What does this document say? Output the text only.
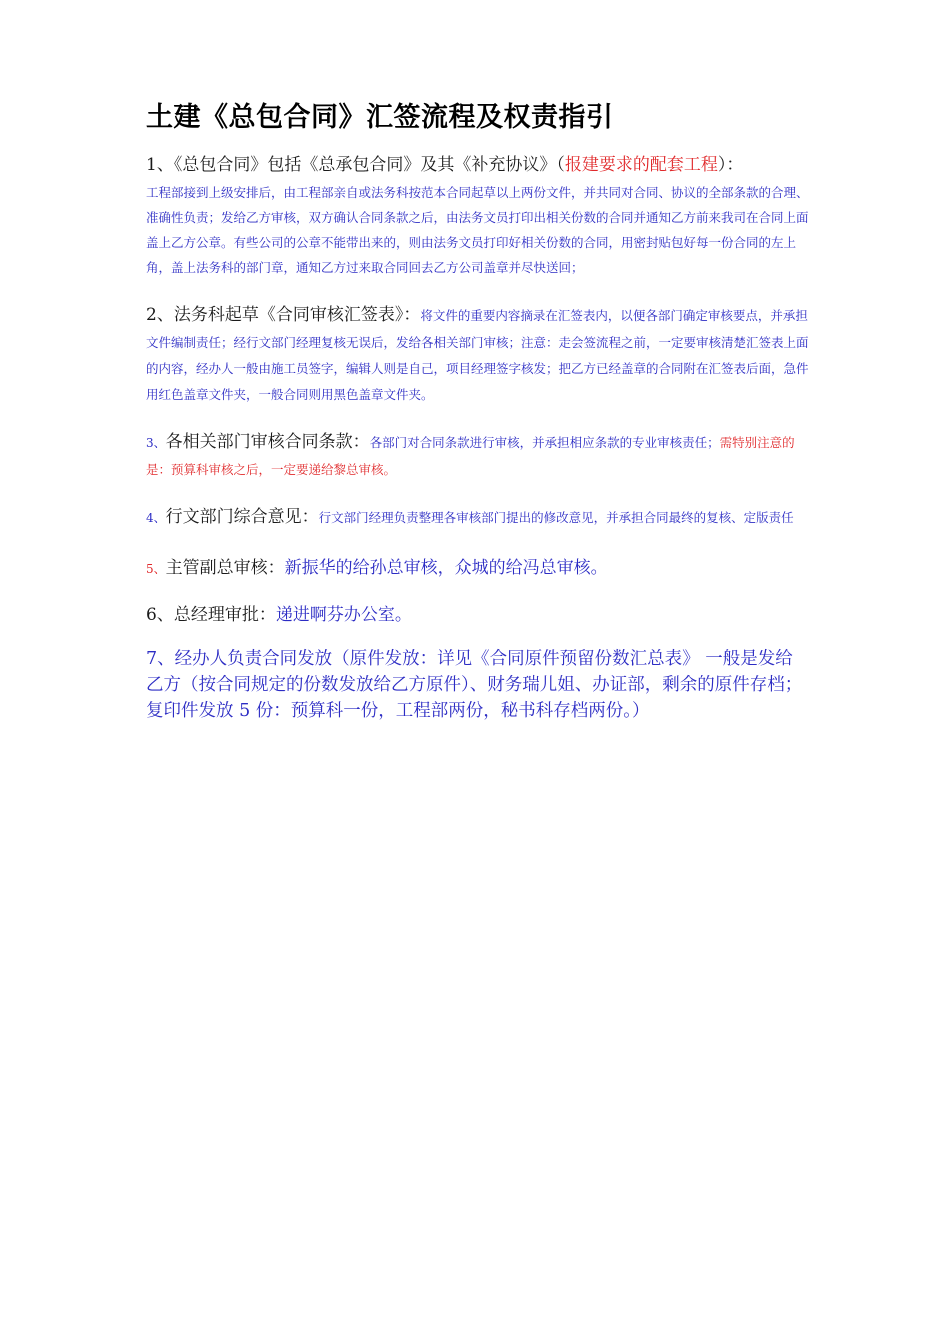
土建《总包合同》汇签流程及权责指引
1、《总包合同》包括《总承包合同》及其《补充协议》（报建要求的配套工程）：
工程部接到上级安排后，由工程部亲自或法务科按范本合同起草以上两份文件，并共同对合同、协议的全部条款的合理、准确性负责；发给乙方审核，双方确认合同条款之后，由法务文员打印出相关份数的合同并通知乙方前来我司在合同上面盖上乙方公章。有些公司的公章不能带出来的，则由法务文员打印好相关份数的合同，用密封贴包好每一份合同的左上角，盖上法务科的部门章，通知乙方过来取合同回去乙方公司盖章并尽快送回；
2、法务科起草《合同审核汇签表》：将文件的重要内容摘录在汇签表内，以便各部门确定审核要点，并承担文件编制责任；经行文部门经理复核无误后，发给各相关部门审核；注意：走会签流程之前，一定要审核清楚汇签表上面的内容，经办人一般由施工员签字，编辑人则是自己，项目经理签字核发；把乙方已经盖章的合同附在汇签表后面，急件用红色盖章文件夹，一般合同则用黑色盖章文件夹。
3、各相关部门审核合同条款：各部门对合同条款进行审核，并承担相应条款的专业审核责任；需特别注意的是：预算科审核之后，一定要递给黎总审核。
4、行文部门综合意见：行文部门经理负责整理各审核部门提出的修改意见，并承担合同最终的复核、定版责任
5、主管副总审核：新振华的给孙总审核，众城的给冯总审核。
6、总经理审批：递进啊芬办公室。
7、经办人负责合同发放（原件发放：详见《合同原件预留份数汇总表》 一般是发给乙方（按合同规定的份数发放给乙方原件）、财务瑞儿姐、办证部，剩余的原件存档；复印件发放 5 份：预算科一份，工程部两份，秘书科存档两份。）
